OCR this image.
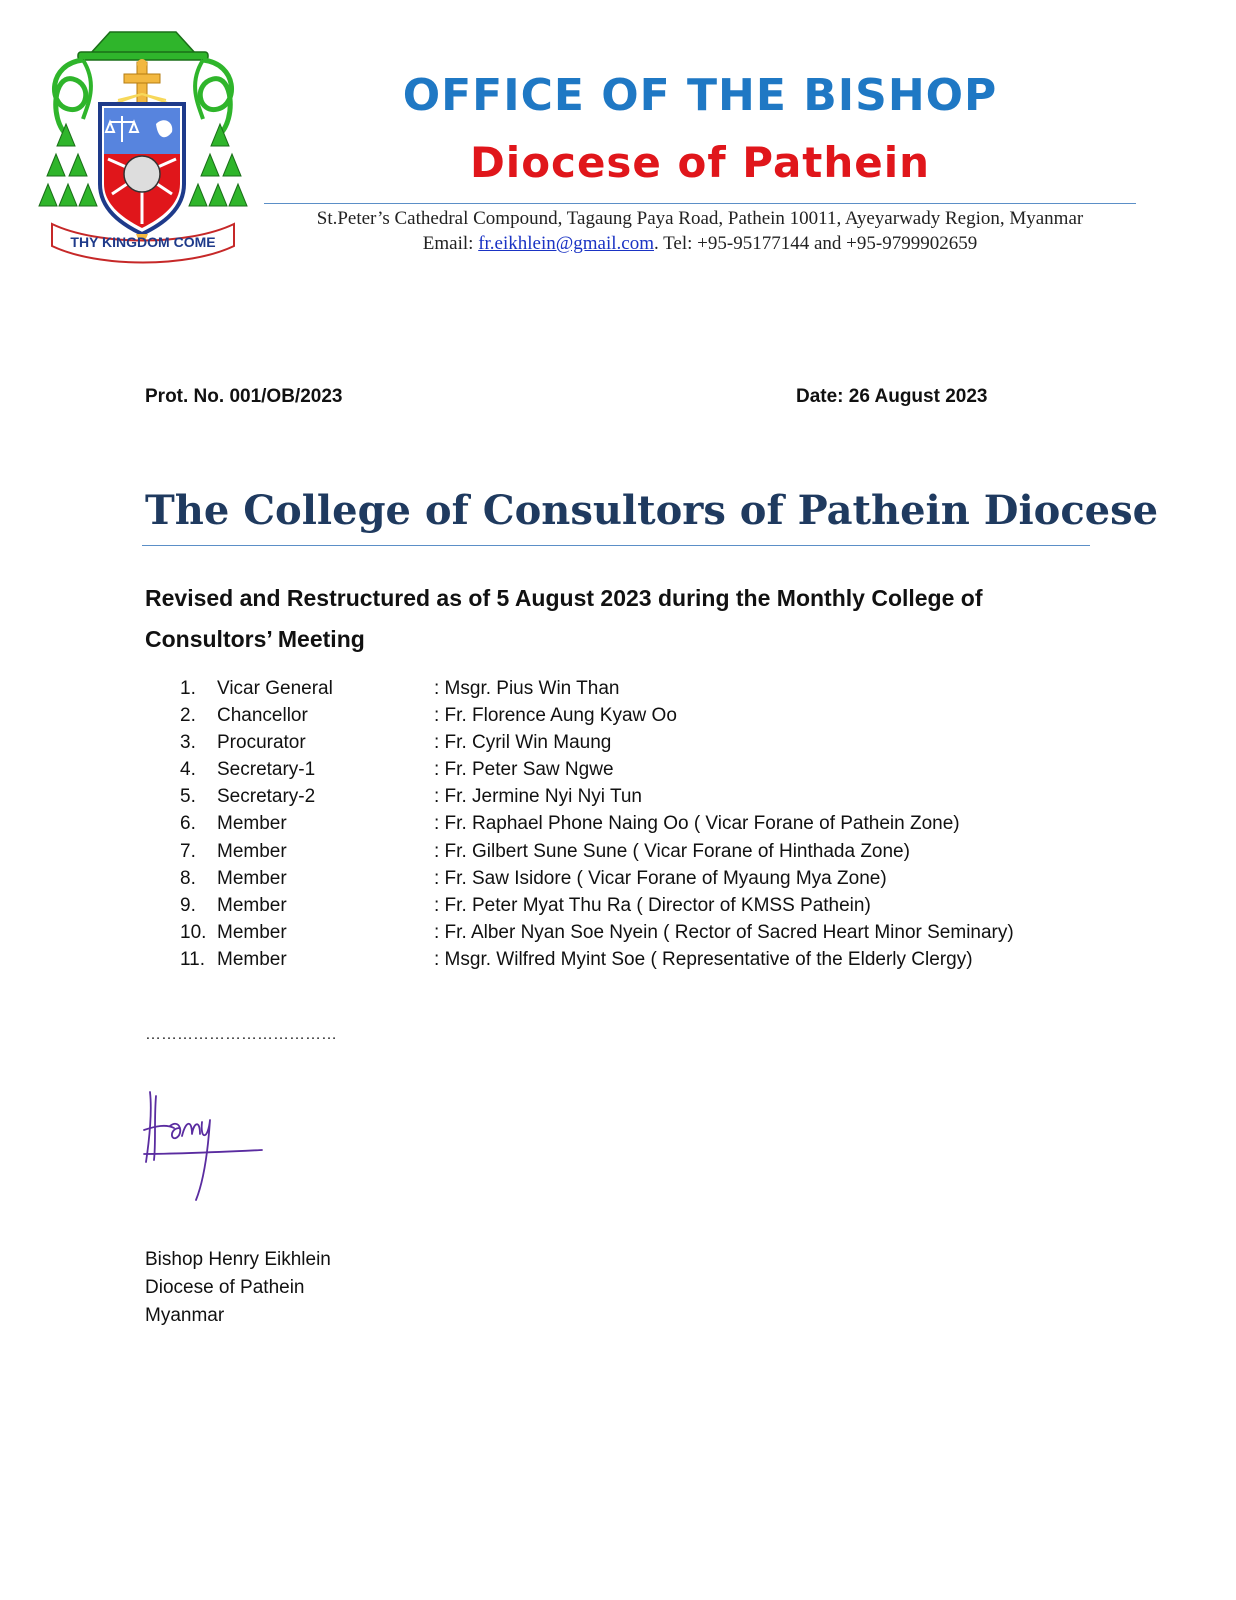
THY KINGDOM COME
OFFICE OF THE BISHOP
Diocese of Pathein
St.Peter’s Cathedral Compound, Tagaung Paya Road, Pathein 10011, Ayeyarwady Region, Myanmar
Email: fr.eikhlein@gmail.com. Tel: +95-95177144 and +95-9799902659
Prot. No. 001/OB/2023	Date: 26 August 2023
The College of Consultors of Pathein Diocese

Revised and Restructured as of 5 August 2023 during the Monthly College of Consultors’ Meeting

1. Vicar General	: Msgr. Pius Win Than
2. Chancellor	: Fr. Florence Aung Kyaw Oo
3. Procurator	: Fr. Cyril Win Maung
4. Secretary-1	: Fr. Peter Saw Ngwe
5. Secretary-2	: Fr. Jermine Nyi Nyi Tun
6. Member	: Fr. Raphael Phone Naing Oo ( Vicar Forane of Pathein Zone)
7. Member	: Fr. Gilbert Sune Sune ( Vicar Forane of Hinthada Zone)
8. Member	: Fr. Saw Isidore ( Vicar Forane of Myaung Mya Zone)
9. Member	: Fr. Peter Myat Thu Ra ( Director of KMSS Pathein)
10. Member	: Fr. Alber Nyan Soe Nyein ( Rector of Sacred Heart Minor Seminary)
11. Member	: Msgr. Wilfred Myint Soe ( Representative of the Elderly Clergy)
………………………………
Bishop Henry Eikhlein
Diocese of Pathein
Myanmar
